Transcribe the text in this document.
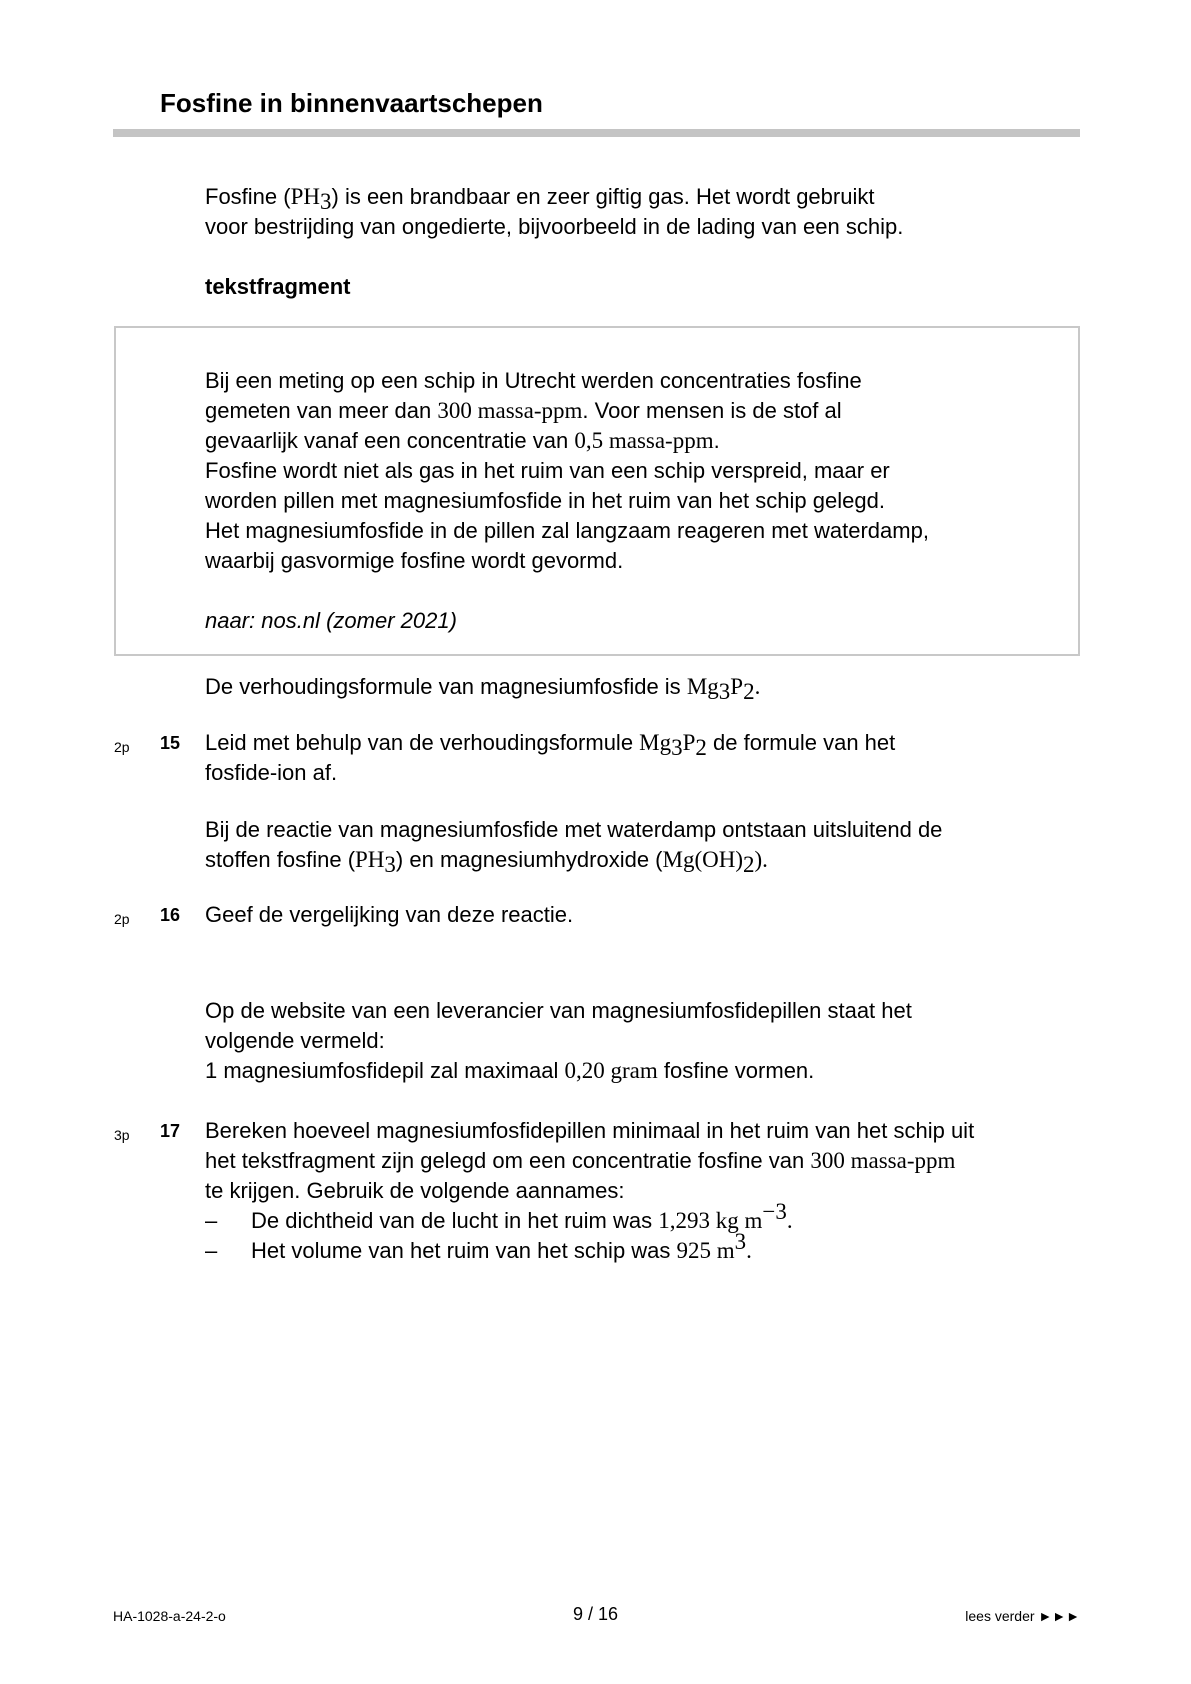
Fosfine in binnenvaartschepen
Fosfine $(PH_3)$ is een brandbaar en zeer giftig gas. Het wordt gebruikt
voor bestrijding van ongedierte, bijvoorbeeld in de lading van een schip.
tekstfragment
Bij een meting op een schip in Utrecht werden concentraties fosfine
gemeten van meer dan 300 massa-ppm. Voor mensen is de stof al
gevaarlijk vanaf een concentratie van 0,5 massa-ppm.
Fosfine wordt niet als gas in het ruim van een schip verspreid, maar er
worden pillen met magnesiumfosfide in het ruim van het schip gelegd.
Het magnesiumfosfide in de pillen zal langzaam reageren met waterdamp,
waarbij gasvormige fosfine wordt gevormd.
naar: nos.nl (zomer 2021)
De verhoudingsformule van magnesiumfosfide is $Mg_3P_2$.
2p 15 Leid met behulp van de verhoudingsformule $Mg_3P_2$ de formule van het
fosfide-ion af.
Bij de reactie van magnesiumfosfide met waterdamp ontstaan uitsluitend de
stoffen fosfine $(PH_3)$ en magnesiumhydroxide $(Mg(OH)_2)$.
2p 16 Geef de vergelijking van deze reactie.
Op de website van een leverancier van magnesiumfosfidepillen staat het
volgende vermeld:
1 magnesiumfosfidepil zal maximaal 0,20 gram fosfine vormen.
3p 17 Bereken hoeveel magnesiumfosfidepillen minimaal in het ruim van het schip uit
het tekstfragment zijn gelegd om een concentratie fosfine van 300 massa-ppm
te krijgen. Gebruik de volgende aannames:
– De dichtheid van de lucht in het ruim was 1,293 kg $m^{-3}$.
– Het volume van het ruim van het schip was 925 $m^3$.
HA-1028-a-24-2-o	9 / 16	lees verder ►►►
